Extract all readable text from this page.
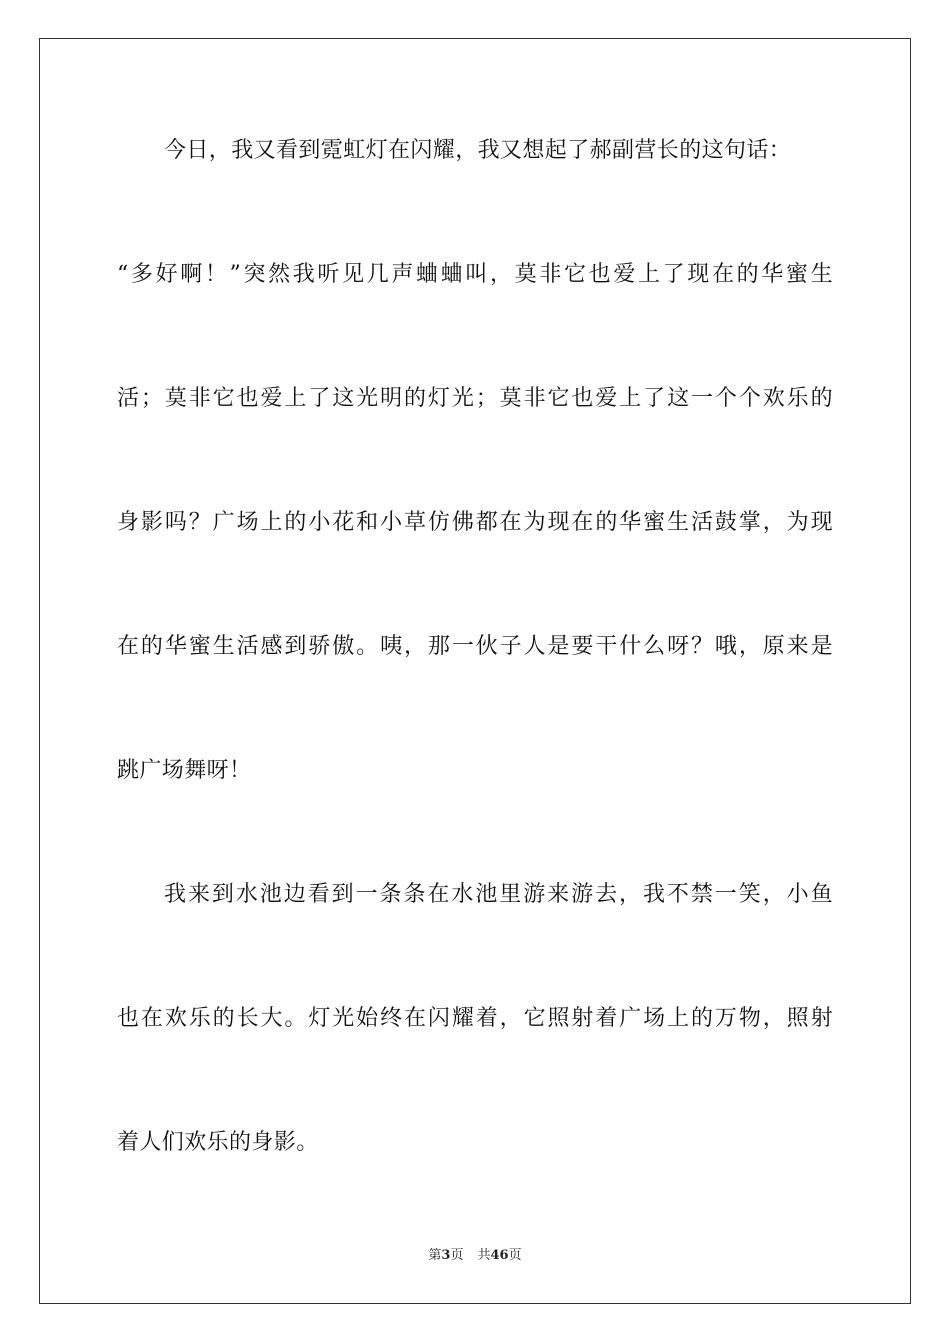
今日，我又看到霓虹灯在闪耀，我又想起了郝副营长的这句话：
“多好啊！”突然我听见几声蛐蛐叫，莫非它也爱上了现在的华蜜生
活；莫非它也爱上了这光明的灯光；莫非它也爱上了这一个个欢乐的
身影吗？广场上的小花和小草仿佛都在为现在的华蜜生活鼓掌，为现
在的华蜜生活感到骄傲。咦，那一伙子人是要干什么呀？哦，原来是
跳广场舞呀！
我来到水池边看到一条条在水池里游来游去，我不禁一笑，小鱼
也在欢乐的长大。灯光始终在闪耀着，它照射着广场上的万物，照射
着人们欢乐的身影。
第3页 共46页
